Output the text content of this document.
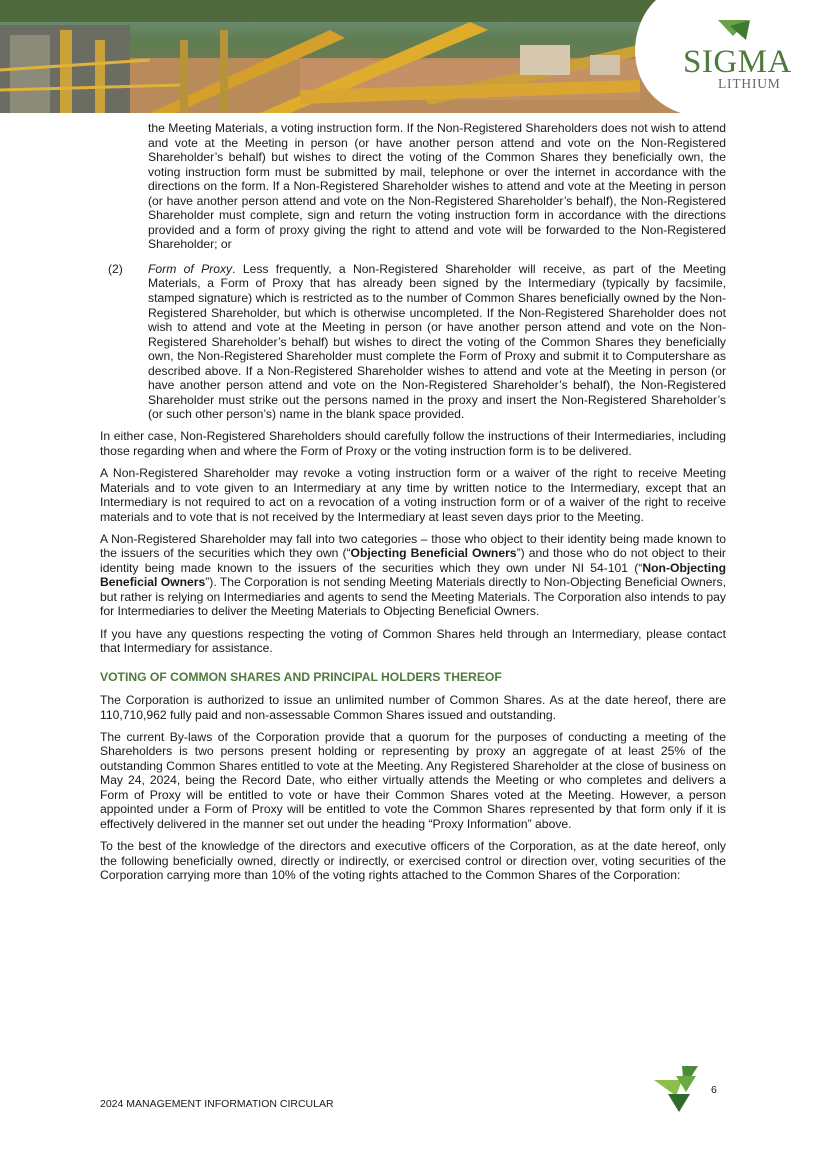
SIGMA
LITHIUM

the Meeting Materials, a voting instruction form. If the Non-Registered Shareholders does not wish to attend and vote at the Meeting in person (or have another person attend and vote on the Non-Registered Shareholder’s behalf) but wishes to direct the voting of the Common Shares they beneficially own, the voting instruction form must be submitted by mail, telephone or over the internet in accordance with the directions on the form. If a Non-Registered Shareholder wishes to attend and vote at the Meeting in person (or have another person attend and vote on the Non-Registered Shareholder’s behalf), the Non-Registered Shareholder must complete, sign and return the voting instruction form in accordance with the directions provided and a form of proxy giving the right to attend and vote will be forwarded to the Non-Registered Shareholder; or

(2) Form of Proxy. Less frequently, a Non-Registered Shareholder will receive, as part of the Meeting Materials, a Form of Proxy that has already been signed by the Intermediary (typically by facsimile, stamped signature) which is restricted as to the number of Common Shares beneficially owned by the Non-Registered Shareholder, but which is otherwise uncompleted. If the Non-Registered Shareholder does not wish to attend and vote at the Meeting in person (or have another person attend and vote on the Non-Registered Shareholder’s behalf) but wishes to direct the voting of the Common Shares they beneficially own, the Non-Registered Shareholder must complete the Form of Proxy and submit it to Computershare as described above. If a Non-Registered Shareholder wishes to attend and vote at the Meeting in person (or have another person attend and vote on the Non-Registered Shareholder’s behalf), the Non-Registered Shareholder must strike out the persons named in the proxy and insert the Non-Registered Shareholder’s (or such other person’s) name in the blank space provided.

In either case, Non-Registered Shareholders should carefully follow the instructions of their Intermediaries, including those regarding when and where the Form of Proxy or the voting instruction form is to be delivered.

A Non-Registered Shareholder may revoke a voting instruction form or a waiver of the right to receive Meeting Materials and to vote given to an Intermediary at any time by written notice to the Intermediary, except that an Intermediary is not required to act on a revocation of a voting instruction form or of a waiver of the right to receive materials and to vote that is not received by the Intermediary at least seven days prior to the Meeting.

A Non-Registered Shareholder may fall into two categories – those who object to their identity being made known to the issuers of the securities which they own (“Objecting Beneficial Owners”) and those who do not object to their identity being made known to the issuers of the securities which they own under NI 54-101 (“Non-Objecting Beneficial Owners”). The Corporation is not sending Meeting Materials directly to Non-Objecting Beneficial Owners, but rather is relying on Intermediaries and agents to send the Meeting Materials. The Corporation also intends to pay for Intermediaries to deliver the Meeting Materials to Objecting Beneficial Owners.

If you have any questions respecting the voting of Common Shares held through an Intermediary, please contact that Intermediary for assistance.

VOTING OF COMMON SHARES AND PRINCIPAL HOLDERS THEREOF

The Corporation is authorized to issue an unlimited number of Common Shares. As at the date hereof, there are 110,710,962 fully paid and non-assessable Common Shares issued and outstanding.

The current By-laws of the Corporation provide that a quorum for the purposes of conducting a meeting of the Shareholders is two persons present holding or representing by proxy an aggregate of at least 25% of the outstanding Common Shares entitled to vote at the Meeting. Any Registered Shareholder at the close of business on May 24, 2024, being the Record Date, who either virtually attends the Meeting or who completes and delivers a Form of Proxy will be entitled to vote or have their Common Shares voted at the Meeting. However, a person appointed under a Form of Proxy will be entitled to vote the Common Shares represented by that form only if it is effectively delivered in the manner set out under the heading “Proxy Information” above.

To the best of the knowledge of the directors and executive officers of the Corporation, as at the date hereof, only the following beneficially owned, directly or indirectly, or exercised control or direction over, voting securities of the Corporation carrying more than 10% of the voting rights attached to the Common Shares of the Corporation:

6
2024 MANAGEMENT INFORMATION CIRCULAR
